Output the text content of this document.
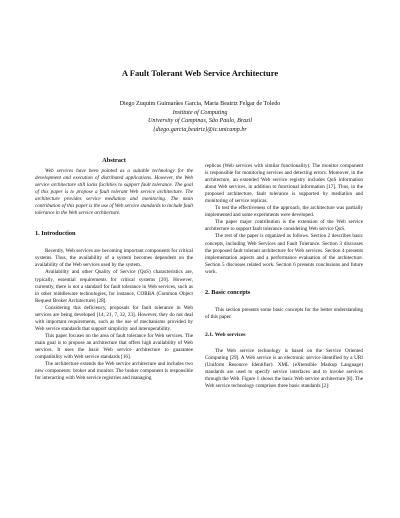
A Fault Tolerant Web Service Architecture
Diego Zuquim Guimarães Garcia, Maria Beatriz Felgar de Toledo
Institute of Computing
University of Campinas, São Paulo, Brazil
{diego.garcia,beatriz}@ic.unicamp.br
Abstract

Web services have been pointed as a suitable technology for the development and execution of distributed applications. However, the Web service architecture still lacks facilities to support fault tolerance. The goal of this paper is to propose a fault tolerant Web service architecture. The architecture provides service mediation and monitoring. The main contribution of this paper is the use of Web service standards to include fault tolerance in the Web service architecture.

1. Introduction

Recently, Web services are becoming important components for critical systems. Thus, the availability of a system becomes dependent on the availability of the Web services used by the system.

Availability and other Quality of Service (QoS) characteristics are, typically, essential requirements for critical systems [20]. However, currently, there is not a standard for fault tolerance in Web services, such as in other middleware technologies, for instance, CORBA (Common Object Request Broker Architecture) [28].

Considering this deficiency, proposals for fault tolerance in Web services are being developed [14, 21, 7, 32, 23]. However, they do not deal with important requirements, such as the use of mechanisms provided by Web service standards that support simplicity and interoperability.

This paper focuses on the area of fault tolerance for Web services. The main goal is to propose an architecture that offers high availability of Web services. It uses the basic Web service architecture to guarantee compatibility with Web service standards [16].

The architecture extends the Web service architecture and includes two new components: broker and monitor. The broker component is responsible for interacting with Web service registries and managing

replicas (Web services with similar functionality). The monitor component is responsible for monitoring services and detecting errors. Moreover, in the architecture, an extended Web service registry includes QoS information about Web services, in addition to functional information [17]. Thus, in the proposed architecture, fault tolerance is supported by mediation and monitoring of service replicas.

To test the effectiveness of the approach, the architecture was partially implemented and some experiments were developed.

The paper major contribution is the extension of the Web service architecture to support fault tolerance considering Web service QoS.

The rest of the paper is organized as follows. Section 2 describes basic concepts, including Web Services and Fault Tolerance. Section 3 discusses the proposed fault tolerant architecture for Web services. Section 4 presents implementation aspects and a performance evaluation of the architecture. Section 5 discusses related work. Section 6 presents conclusions and future work.

2. Basic concepts

This section presents some basic concepts for the better understanding of this paper.

2.1. Web services

The Web service technology is based on the Service Oriented Computing [29]. A Web service is an electronic service identified by a URI (Uniform Resource Identifier). XML (eXtensible Markup Language) standards are used to specify service interfaces and to invoke services through the Web. Figure 1 shows the basic Web service architecture [8]. The Web service technology comprises three basic standards [2]:
